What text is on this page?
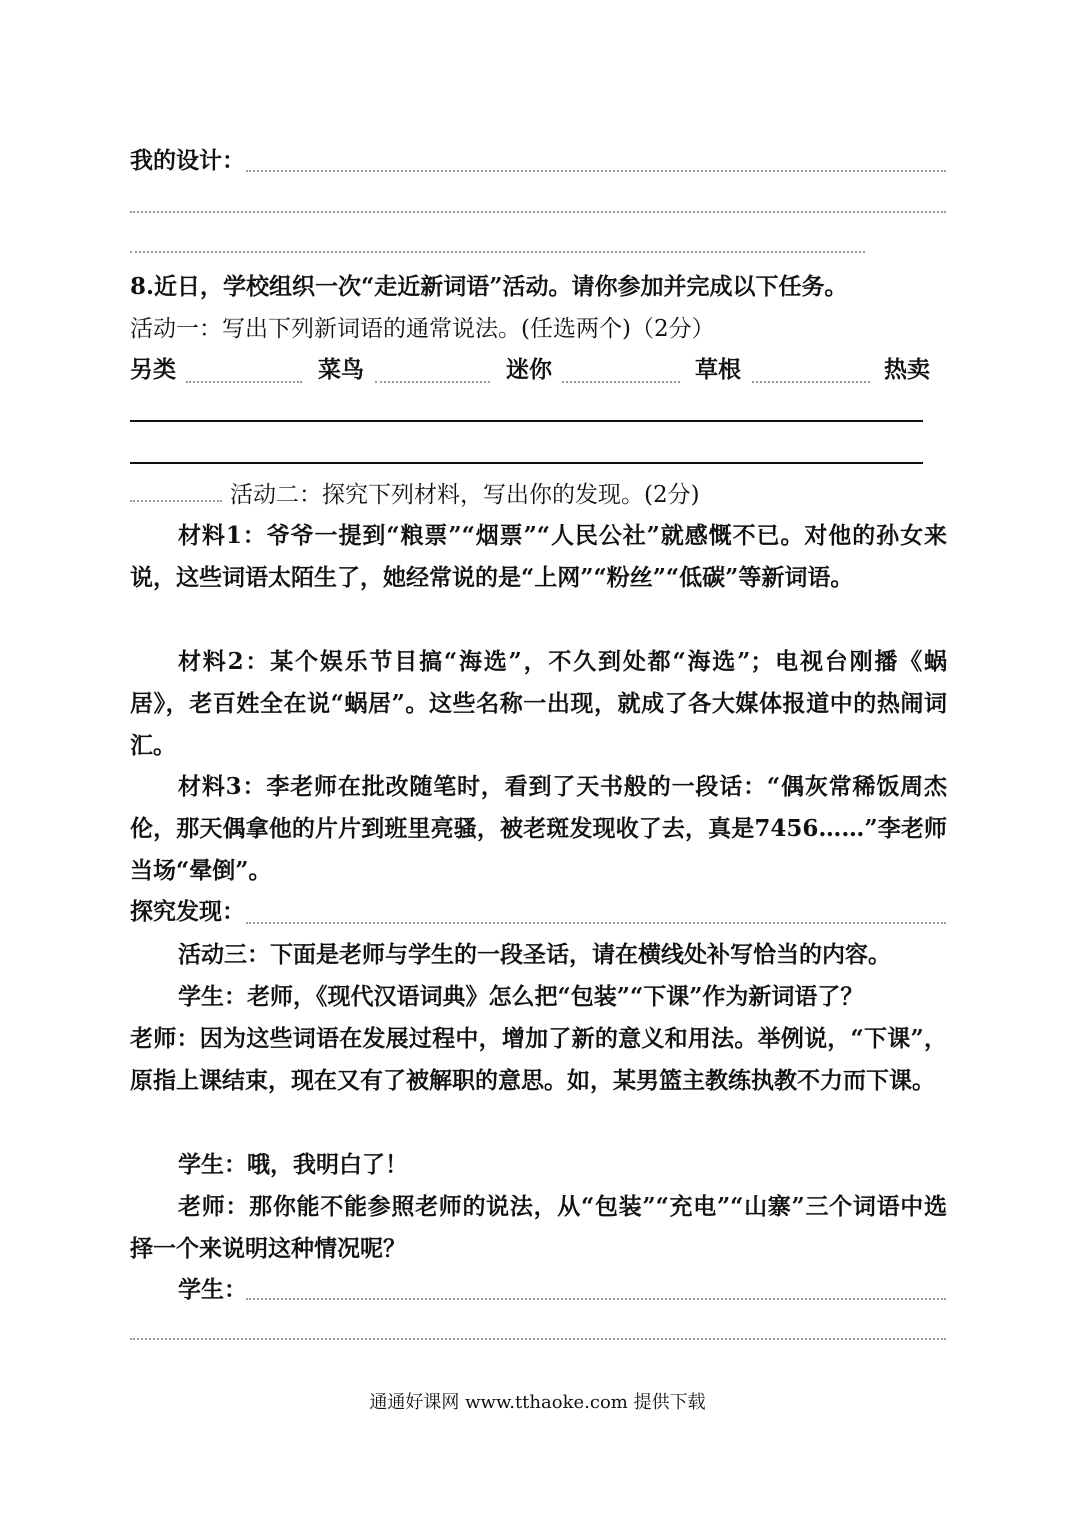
我的设计：
8.近日，学校组织一次“走近新词语”活动。请你参加并完成以下任务。
活动一：写出下列新词语的通常说法。(任选两个)（2分）
另类	菜鸟	迷你	草根	热卖
活动二：探究下列材料，写出你的发现。(2分)
材料1：爷爷一提到“粮票”“烟票”“人民公社”就感慨不已。对他的孙女来说，这些词语太陌生了，她经常说的是“上网”“粉丝”“低碳”等新词语。
材料2：某个娱乐节目搞“海选”，不久到处都“海选”；电视台刚播《蜗居》，老百姓全在说“蜗居”。这些名称一出现，就成了各大媒体报道中的热闹词汇。
材料3：李老师在批改随笔时，看到了天书般的一段话：“偶灰常稀饭周杰伦，那天偶拿他的片片到班里亮骚，被老斑发现收了去，真是7456……”李老师当场“晕倒”。
探究发现：
活动三：下面是老师与学生的一段圣话，请在横线处补写恰当的内容。
学生：老师，《现代汉语词典》怎么把“包装”“下课”作为新词语了？
老师：因为这些词语在发展过程中，增加了新的意义和用法。举例说，“下课”，原指上课结束，现在又有了被解职的意思。如，某男篮主教练执教不力而下课。
学生：哦，我明白了！
老师：那你能不能参照老师的说法，从“包装”“充电”“山寨”三个词语中选择一个来说明这种情况呢？
学生：
通通好课网 www.tthaoke.com 提供下载
